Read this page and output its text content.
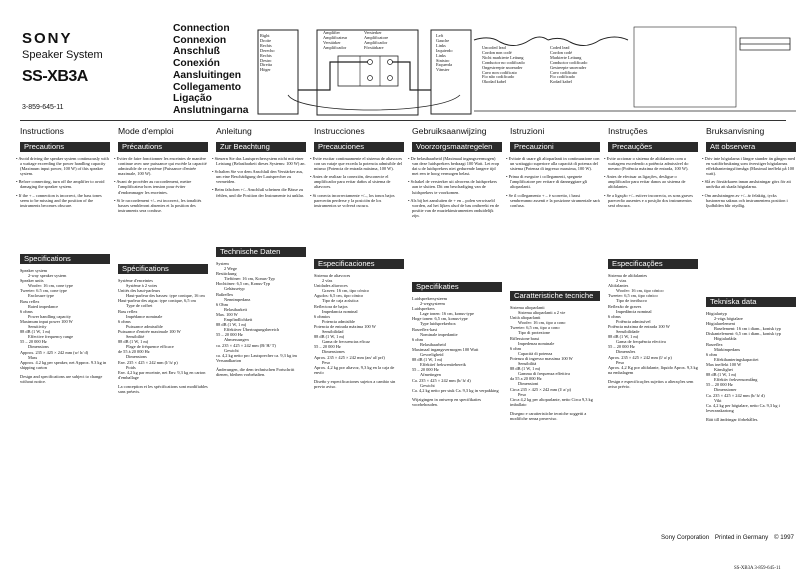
SONY
Speaker System
SS-XB3A
3-859-645-11
Connection
Connexion
Anschluß
Conexión
Aansluitingen
Collegamento
Ligação
Anslutningarna
Right
Droite
Rechts
Derecho
Rechts
Destro
Direita
Höger
Amplifier
Amplificateur
Verstärker
Amplificador
Versterker
Amplificatore
Amplificador
Förstärkare
Left
Gauche
Links
Izquierdo
Links
Sinistro
Esquerda
Vänster
Uncoded lead
Cordon non codé
Nicht markierte Leitung
Conductor no codificado
Ongestreepte snoerader
Cavo non codificato
Fio não codificado
Okodad kabel
Coded lead
Cordon codé
Markierte Leitung
Conductor codificado
Gestreepte snoerader
Cavo codificato
Fio codificado
Kodad kabel
Instructions
Precautions

• Avoid driving the speaker system continuously with a wattage exceeding the power handling capacity (Maximum input power, 100 W) of this speaker system.

• Before connecting, turn off the amplifier to avoid damaging the speaker system.

• If the + – connection is incorrect, the bass tones seem to be missing and the position of the instruments becomes obscure.

Specifications
Speaker system
2-way speaker system
Speaker units
Woofer: 16 cm, cone type
Tweeter: 6.5 cm, cone type
Enclosure type
Bass reflex
Rated impedance
6 ohms
Power handling capacity
Maximum input power 100 W
Sensitivity
88 dB (1 W, 1 m)
Effective frequency range
55 – 20 000 Hz
Dimensions
Approx. 235 × 425 × 242 mm (w/ h/ d)
Mass
Approx. 4.2 kg per speaker, net Approx. 9.3 kg in shipping carton
Design and specifications are subject to change without notice.
Mode d'emploi
Précautions

• Eviter de faire fonctionner les enceintes de manière continue avec une puissance qui excède la capacité admissible de ce système (Puissance d'entrée maximale, 100 W).

• Avant de procéder au raccordement, mettre l'amplificateur hors tension pour éviter d'endommager les enceintes.

• Si le raccordement +/– est incorrect, les tonalités basses sembleront absentes et la position des instruments sera confuse.

Spécifications
Système d'enceintes
Système à 2 voies
Unités des haut-parleurs
Haut-parleur des basses: type conique, 16 cm
Haut-parleur des aigus: type conique, 6,5 cm
Type de coffret
Bass reflex
Impédance nominale
6 ohms
Puissance admissible
Puissance d'entrée maximale 100 W
Sensibilité
88 dB (1 W, 1 m)
Plage de fréquence efficace
de 55 à 20 000 Hz
Dimensions
Env. 235 × 425 × 242 mm (l/ h/ p)
Poids
Env. 4,2 kg par enceinte, net Env. 9,3 kg en carton d'emballage
La conception et les spécifications sont modifiables sans préavis.
Anleitung
Zur Beachtung

• Steuern Sie das Lautsprechersystem nicht mit einer Leistung (Belastbarkeit dieses Systems: 100 W) an.

• Schalten Sie vor dem Anschluß den Verstärker aus, um eine Beschädigung der Lautsprecher zu vermeiden.

• Beim falschen +/– Anschluß scheinen die Bässe zu fehlen, und die Position der Instrumente ist unklar.

Technische Daten
System
2 Wege
Bestückung
Tieftöner: 16 cm, Konus-Typ
Hochtöner: 6,5 cm, Konus-Typ
Gehäusetyp
Baßreflex
Nennimpedanz
6 Ohm
Belastbarkeit
Max. 100 W
Empfindlichkeit
88 dB (1 W, 1 m)
Effektiver Übertragungsbereich
55 – 20 000 Hz
Abmessungen
ca. 235 × 425 × 242 mm (B/ H/ T)
Gewicht
ca. 4,2 kg netto pro Lautsprecher ca. 9,3 kg im Versandkarton
Änderungen, die dem technischen Fortschritt dienen, bleiben vorbehalten.
Instrucciones
Precauciones

• Evite excitar continuamente el sistema de altavoces con un vataje que exceda la potencia admisible del mismo (Potencia de entrada máxima, 100 W).

• Antes de realizar la conexión, desconecte el amplificador para evitar daños al sistema de altavoces.

• Si conecta incorrectamente +/–, los tonos bajos parecerán perderse y la posición de los instrumentos se volverá oscura.

Especificaciones
Sistema de altavoces
2 vías
Unidades altavoces
Graves: 16 cm, tipo cónico
Agudos: 6,5 cm, tipo cónico
Tipo de caja acústica
Reflectora de bajos
Impedancia nominal
6 ohmios
Potencia admisible
Potencia de entrada máxima 100 W
Sensibilidad
88 dB (1 W, 1 m)
Gama de frecuencias eficaz
55 – 20 000 Hz
Dimensiones
Aprox. 235 × 425 × 242 mm (an/ al/ prf)
Peso
Aprox. 4,2 kg por altavoz, 9,3 kg en la caja de envío
Diseño y especificaciones sujetos a cambio sin previo aviso.
Gebruiksaanwijzing
Voorzorgsmaatregelen

• De belastbaarheid (Maximaal ingangsvermogen) van deze luidsprekers bedraagt 100 Watt. Let erop dat u de luidsprekers niet gedurende langere tijd met een te hoog vermogen belast.

• Schakel de versterker uit alvorens de luidsprekers aan te sluiten. Dit om beschadiging van de luidsprekers te voorkomen.

• Als bij het aansluiten de + en – polen verwisseld worden, zal het lijken alsof de bas ontbreekt en de positie van de muziekinstrumenten onduidelijk zijn.

Specifikaties
Luidsprekersysteem
2-wegsysteem
Luidsprekers
Lage tonen: 16 cm, konus-type
Hoge tonen: 6,5 cm, konus-type
Type luidsprekerbox
Basreflex-kast
Nominale impedantie
6 ohm
Belastbaarheid
Maximaal ingangsvermogen 100 Watt
Gevoeligheid
88 dB (1 W, 1 m)
Effektief frekwentiebereik
55 – 20 000 Hz
Afmetingen
Ca. 235 × 425 × 242 mm (b/ h/ d)
Gewicht
Ca. 4,2 kg netto per stuk Ca. 9,3 kg in verpakking
Wijzigingen in ontwerp en specifikaties voorbehouden.
Istruzioni
Precauzioni

• Evitate di usare gli altoparlanti in continuazione con un wattaggio superiore alla capacità di potenza del sistema (Potenza di ingresso massima, 100 W).

• Prima di eseguire i collegamenti, spegnete l'amplificatore per evitare di danneggiare gli altoparlanti.

• Se il collegamento + – è scorretto, i bassi sembreranno assenti e la posizione strumentale sarà confusa.

Caratteristiche tecniche
Sistema altoparlanti
Sistema altoparlanti a 2 vie
Unità altoparlanti
Woofer: 16 cm, tipo a cono
Tweeter: 6,5 cm, tipo a cono
Tipo di protezione
Riflessione bassi
Impedenza nominale
6 ohm
Capacità di potenza
Potenza di ingresso massima 100 W
Sensibilità
88 dB (1 W, 1 m)
Gamma di frequenza effettiva
da 55 a 20 000 Hz
Dimensioni
Circa 235 × 425 × 242 mm (l/ a/ p)
Peso
Circa 4,2 kg per altoparlante, netto Circa 9,3 kg imballato
Disegno e caratteristiche tecniche soggetti a modifiche senza preavviso.
Instruções
Precauções

• Evite accionar o sistema de altifalantes com a wattagem excedendo a potência admissível do mesmo (Potência máxima de entrada, 100 W).

• Antes de efectuar as ligações, desligue o amplificador para evitar danos ao sistema de altifalantes.

• Se a ligação +/– estiver incorrecta, os sons graves parecerão ausentes e a posição dos instrumentos será obscura.

Especificações
Sistema de altifalantes
2 vias
Altifalantes
Woofer: 16 cm, tipo cónico
Tweeter: 6,5 cm, tipo cónico
Tipo de invólucro
Reflexão de graves
Impedância nominal
6 ohms
Potência admissível
Potência máxima de entrada 100 W
Sensibilidade
88 dB (1 W, 1 m)
Gama de frequência efectiva
55 – 20 000 Hz
Dimensões
Aprox. 235 × 425 × 242 mm (l/ a/ p)
Peso
Aprox. 4,2 Kg por altifalante, líquido Aprox. 9,3 kg na embalagem
Design e especificações sujeitos a alterações sem aviso prévio.
Bruksanvisning
Att observera

• Driv inte högtalarna i längre stunder än gången med en wattförbrukning som överstiger högtalarnas effekthanteringsförmåga (Maximal ineffekt på 100 watt).

• Slå av förstärkaren innan anslutningar görs för att undvika att skada högtalarna.

• Om anslutningen av +/– är felaktig, tycks bastonerna saknas och instrumentens position i ljudbilden blir otydlig.

Tekniska data
Högtalartyp
2-vägs högtalare
Högtalarelement
Baselement: 16 cm i diam., konisk typ
Diskantelement: 6,5 cm i diam., konisk typ
Högtalarlåda
Basreflex
Märkimpedans
6 ohm
Effekthanteringskapacitet
Max ineffekt 100 W
Känslighet
88 dB (1 W, 1 m)
Effektiv frekvensomfång
55 – 20 000 Hz
Dimensioner
Ca. 235 × 425 × 242 mm (b/ h/ d)
Vikt
Ca. 4,2 kg per högtalare, netto Ca. 9,3 kg i leveranskartong
Rätt till ändringar förbehålles.
Sony Corporation Printed in Germany © 1997
SS-XB3A 3-859-645-11
